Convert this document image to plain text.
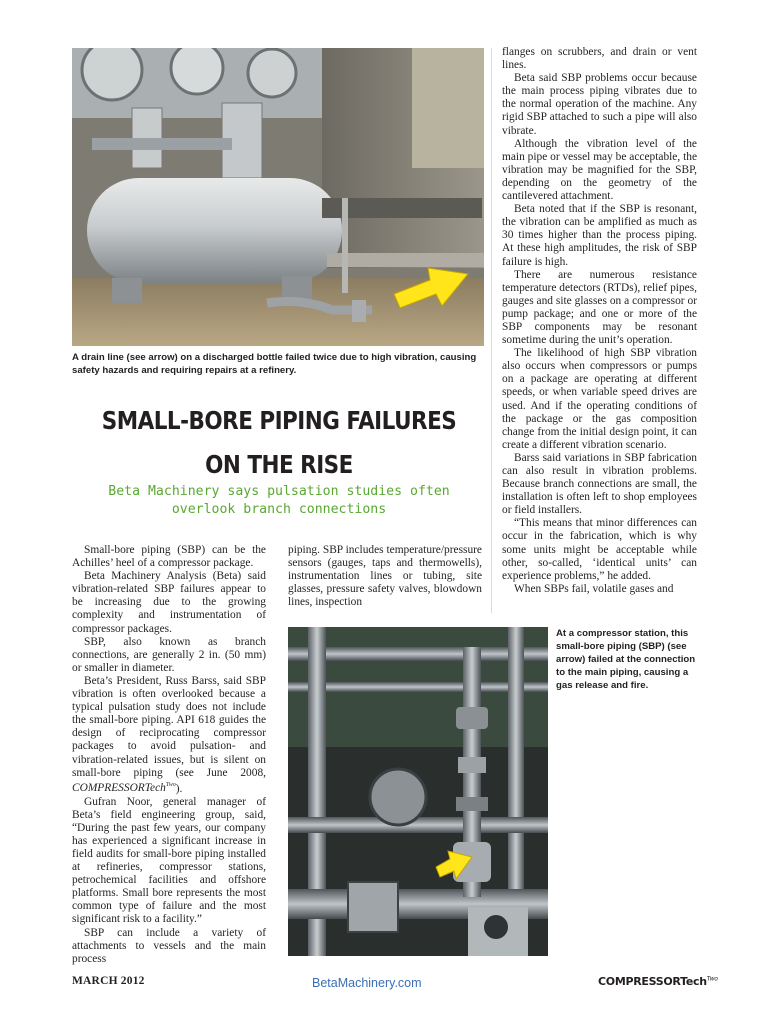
A drain line (see arrow) on a discharged bottle failed twice due to high vibration, causing safety hazards and requiring repairs at a refinery.
SMALL-BORE PIPING FAILURES
ON THE RISE
Beta Machinery says pulsation studies often
overlook branch connections

Small-bore piping (SBP) can be the Achilles’ heel of a compressor package.

Beta Machinery Analysis (Beta) said vibration-related SBP failures appear to be increasing due to the growing complexity and instrumentation of compressor packages.

SBP, also known as branch connections, are generally 2 in. (50 mm) or smaller in diameter.

Beta’s President, Russ Barss, said SBP vibration is often overlooked because a typical pulsation study does not include the small-bore piping. API 618 guides the design of reciprocating compressor packages to avoid pulsation- and vibration-related issues, but is silent on small-bore piping (see June 2008, COMPRESSORTech$^{Two}$).

Gufran Noor, general manager of Beta’s field engineering group, said, “During the past few years, our company has experienced a significant increase in field audits for small-bore piping installed at refineries, compressor stations, petrochemical facilities and offshore platforms. Small bore represents the most common type of failure and the most significant risk to a facility.”

SBP can include a variety of attachments to vessels and the main process

piping. SBP includes temperature/pressure sensors (gauges, taps and thermowells), instrumentation lines or tubing, site glasses, pressure safety valves, blowdown lines, inspection

flanges on scrubbers, and drain or vent lines.

Beta said SBP problems occur because the main process piping vibrates due to the normal operation of the machine. Any rigid SBP attached to such a pipe will also vibrate.

Although the vibration level of the main pipe or vessel may be acceptable, the vibration may be magnified for the SBP, depending on the geometry of the cantilevered attachment.

Beta noted that if the SBP is resonant, the vibration can be amplified as much as 30 times higher than the process piping. At these high amplitudes, the risk of SBP failure is high.

There are numerous resistance temperature detectors (RTDs), relief pipes, gauges and site glasses on a compressor or pump package; and one or more of the SBP components may be resonant sometime during the unit’s operation.

The likelihood of high SBP vibration also occurs when compressors or pumps on a package are operating at different speeds, or when variable speed drives are used. And if the operating conditions of the package or the gas composition change from the initial design point, it can create a different vibration scenario.

Barss said variations in SBP fabrication can also result in vibration problems. Because branch connections are small, the installation is often left to shop employees or field installers.

“This means that minor differences can occur in the fabrication, which is why some units might be acceptable while other, so-called, ‘identical units’ can experience problems,” he added.

When SBPs fail, volatile gases and

At a compressor station, this small-bore piping (SBP) (see arrow) failed at the connection to the main piping, causing a gas release and fire.
MARCH 2012	BetaMachinery.com	COMPRESSORTech$^{Two}$
